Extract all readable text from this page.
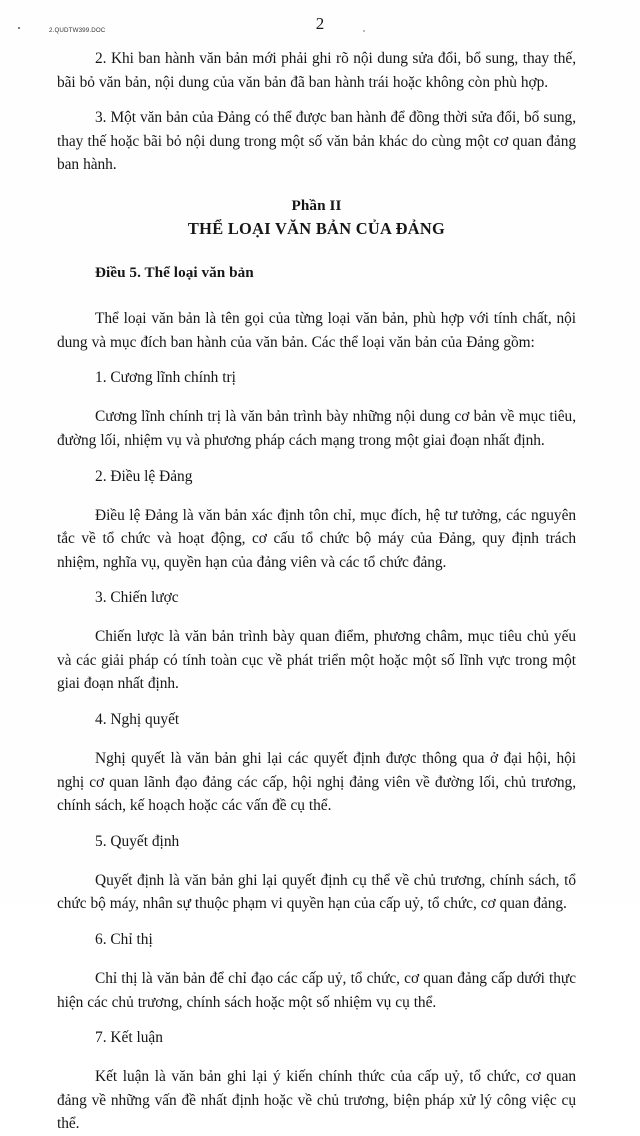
2.QUDTW399.DOC	2

2. Khi ban hành văn bản mới phải ghi rõ nội dung sửa đổi, bổ sung, thay thế, bãi bỏ văn bản, nội dung của văn bản đã ban hành trái hoặc không còn phù hợp.

3. Một văn bản của Đảng có thể được ban hành để đồng thời sửa đổi, bổ sung, thay thế hoặc bãi bỏ nội dung trong một số văn bản khác do cùng một cơ quan đảng ban hành.

Phần II
THỂ LOẠI VĂN BẢN CỦA ĐẢNG

Điều 5. Thể loại văn bản

Thể loại văn bản là tên gọi của từng loại văn bản, phù hợp với tính chất, nội dung và mục đích ban hành của văn bản. Các thể loại văn bản của Đảng gồm:

1. Cương lĩnh chính trị

Cương lĩnh chính trị là văn bản trình bày những nội dung cơ bản về mục tiêu, đường lối, nhiệm vụ và phương pháp cách mạng trong một giai đoạn nhất định.

2. Điều lệ Đảng

Điều lệ Đảng là văn bản xác định tôn chỉ, mục đích, hệ tư tưởng, các nguyên tắc về tổ chức và hoạt động, cơ cấu tổ chức bộ máy của Đảng, quy định trách nhiệm, nghĩa vụ, quyền hạn của đảng viên và các tổ chức đảng.

3. Chiến lược

Chiến lược là văn bản trình bày quan điểm, phương châm, mục tiêu chủ yếu và các giải pháp có tính toàn cục về phát triển một hoặc một số lĩnh vực trong một giai đoạn nhất định.

4. Nghị quyết

Nghị quyết là văn bản ghi lại các quyết định được thông qua ở đại hội, hội nghị cơ quan lãnh đạo đảng các cấp, hội nghị đảng viên về đường lối, chủ trương, chính sách, kế hoạch hoặc các vấn đề cụ thể.

5. Quyết định

Quyết định là văn bản ghi lại quyết định cụ thể về chủ trương, chính sách, tổ chức bộ máy, nhân sự thuộc phạm vi quyền hạn của cấp uỷ, tổ chức, cơ quan đảng.

6. Chỉ thị

Chỉ thị là văn bản để chỉ đạo các cấp uỷ, tổ chức, cơ quan đảng cấp dưới thực hiện các chủ trương, chính sách hoặc một số nhiệm vụ cụ thể.

7. Kết luận

Kết luận là văn bản ghi lại ý kiến chính thức của cấp uỷ, tổ chức, cơ quan đảng về những vấn đề nhất định hoặc về chủ trương, biện pháp xử lý công việc cụ thể.
